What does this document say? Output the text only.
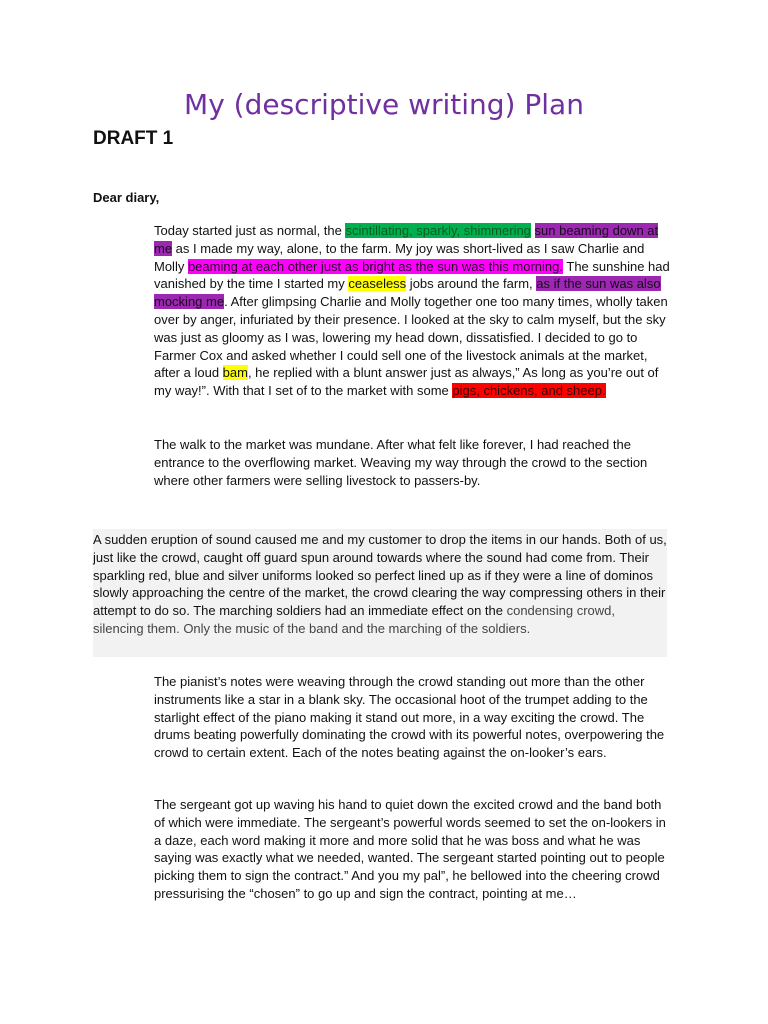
My (descriptive writing) Plan
DRAFT 1

Dear diary,

Today started just as normal, the scintillating, sparkly, shimmering sun beaming down at me as I made my way, alone, to the farm. My joy was short-lived as I saw Charlie and Molly beaming at each other just as bright as the sun was this morning. The sunshine had vanished by the time I started my ceaseless jobs around the farm, as if the sun was also mocking me. After glimpsing Charlie and Molly together one too many times, wholly taken over by anger, infuriated by their presence. I looked at the sky to calm myself, but the sky was just as gloomy as I was, lowering my head down, dissatisfied. I decided to go to Farmer Cox and asked whether I could sell one of the livestock animals at the market, after a loud bam, he replied with a blunt answer just as always,” As long as you’re out of my way!”. With that I set of to the market with some pigs, chickens, and sheep.

The walk to the market was mundane. After what felt like forever, I had reached the entrance to the overflowing market. Weaving my way through the crowd to the section where other farmers were selling livestock to passers-by.

A sudden eruption of sound caused me and my customer to drop the items in our hands. Both of us, just like the crowd, caught off guard spun around towards where the sound had come from. Their sparkling red, blue and silver uniforms looked so perfect lined up as if they were a line of dominos slowly approaching the centre of the market, the crowd clearing the way compressing others in their attempt to do so. The marching soldiers had an immediate effect on the condensing crowd, silencing them. Only the music of the band and the marching of the soldiers.

The pianist’s notes were weaving through the crowd standing out more than the other instruments like a star in a blank sky. The occasional hoot of the trumpet adding to the starlight effect of the piano making it stand out more, in a way exciting the crowd. The drums beating powerfully dominating the crowd with its powerful notes, overpowering the crowd to certain extent. Each of the notes beating against the on-looker’s ears.

The sergeant got up waving his hand to quiet down the excited crowd and the band both of which were immediate. The sergeant’s powerful words seemed to set the on-lookers in a daze, each word making it more and more solid that he was boss and what he was saying was exactly what we needed, wanted. The sergeant started pointing out to people picking them to sign the contract.” And you my pal”, he bellowed into the cheering crowd pressurising the “chosen” to go up and sign the contract, pointing at me…
